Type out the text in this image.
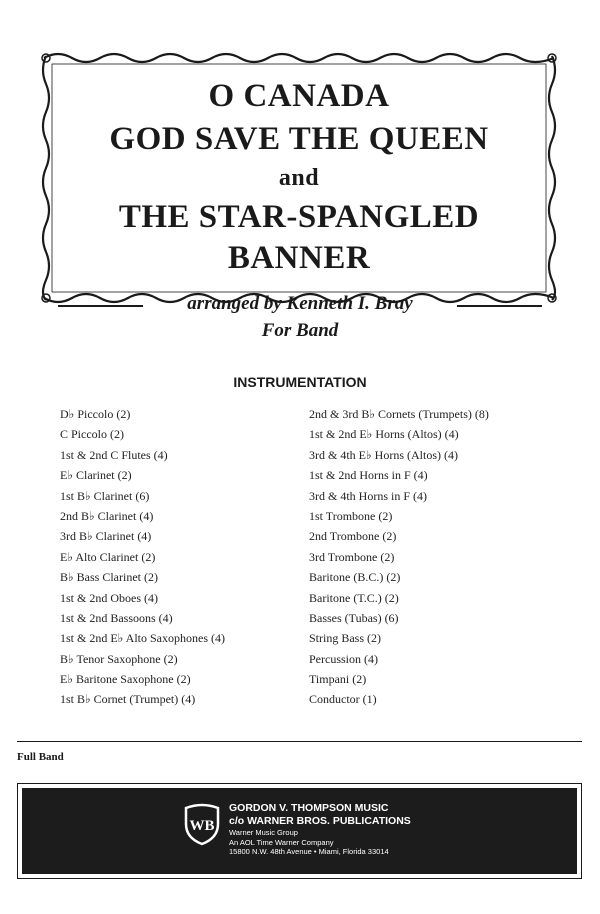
O CANADA
GOD SAVE THE QUEEN
and
THE STAR-SPANGLED
BANNER
arranged by Kenneth I. Bray
For Band
INSTRUMENTATION
D♭ Piccolo (2)
C Piccolo (2)
1st & 2nd C Flutes (4)
E♭ Clarinet (2)
1st B♭ Clarinet (6)
2nd B♭ Clarinet (4)
3rd B♭ Clarinet (4)
E♭ Alto Clarinet (2)
B♭ Bass Clarinet (2)
1st & 2nd Oboes (4)
1st & 2nd Bassoons (4)
1st & 2nd E♭ Alto Saxophones (4)
B♭ Tenor Saxophone (2)
E♭ Baritone Saxophone (2)
1st B♭ Cornet (Trumpet) (4)
2nd & 3rd B♭ Cornets (Trumpets) (8)
1st & 2nd E♭ Horns (Altos) (4)
3rd & 4th E♭ Horns (Altos) (4)
1st & 2nd Horns in F (4)
3rd & 4th Horns in F (4)
1st Trombone (2)
2nd Trombone (2)
3rd Trombone (2)
Baritone (B.C.) (2)
Baritone (T.C.) (2)
Basses (Tubas) (6)
String Bass (2)
Percussion (4)
Timpani (2)
Conductor (1)
Full Band
WB
GORDON V. THOMPSON MUSIC
c/o WARNER BROS. PUBLICATIONS
Warner Music Group
An AOL Time Warner Company
15800 N.W. 48th Avenue • Miami, Florida 33014
